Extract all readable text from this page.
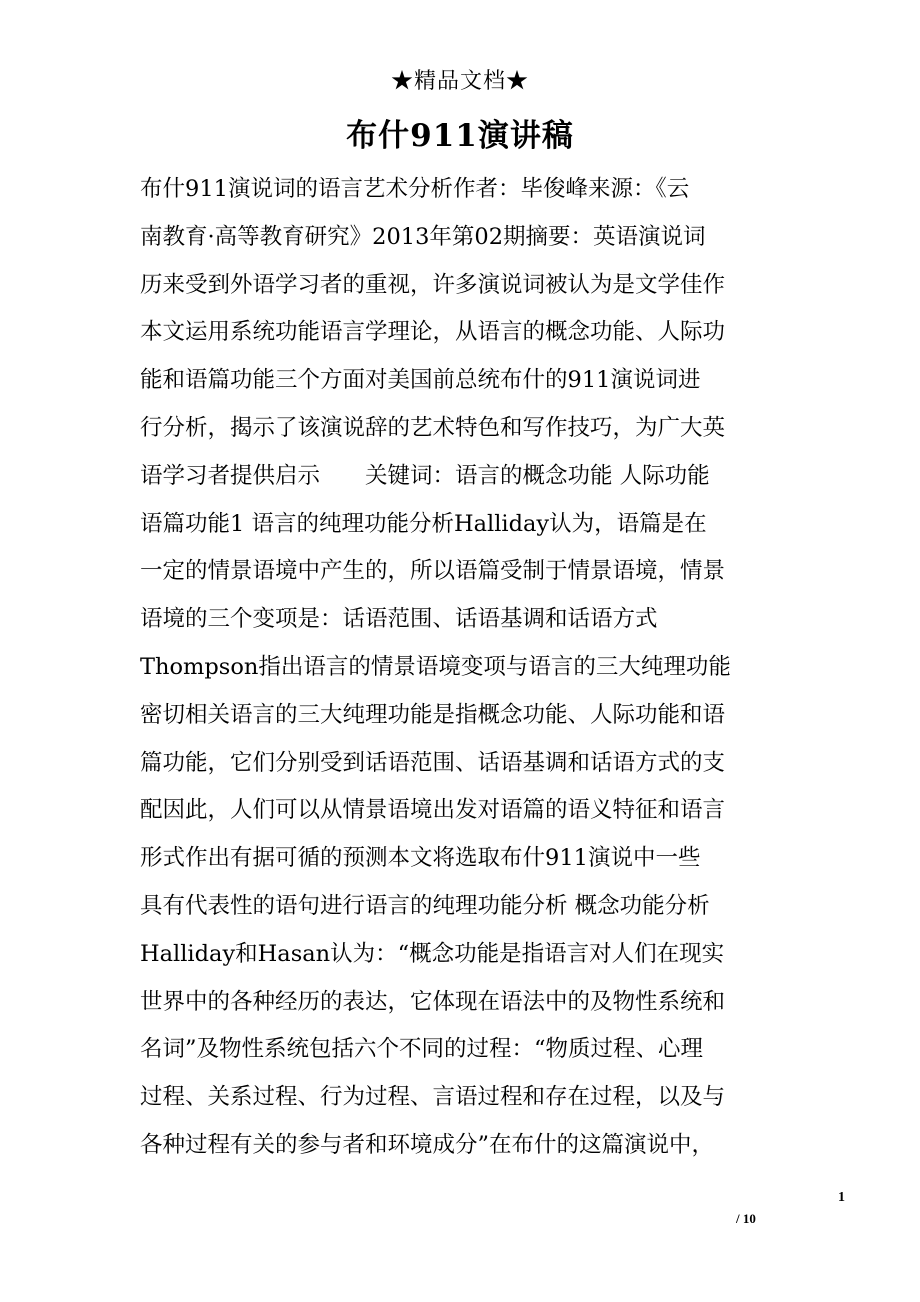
★精品文档★
布什911演讲稿
布什911演说词的语言艺术分析作者：毕俊峰来源：《云
南教育·高等教育研究》2013年第02期摘要：英语演说词
历来受到外语学习者的重视，许多演说词被认为是文学佳作
本文运用系统功能语言学理论，从语言的概念功能、人际功
能和语篇功能三个方面对美国前总统布什的911演说词进
行分析，揭示了该演说辞的艺术特色和写作技巧，为广大英
语学习者提供启示　　关键词：语言的概念功能 人际功能
语篇功能1 语言的纯理功能分析Halliday认为，语篇是在
一定的情景语境中产生的，所以语篇受制于情景语境，情景
语境的三个变项是：话语范围、话语基调和话语方式
Thompson指出语言的情景语境变项与语言的三大纯理功能
密切相关语言的三大纯理功能是指概念功能、人际功能和语
篇功能，它们分别受到话语范围、话语基调和话语方式的支
配因此，人们可以从情景语境出发对语篇的语义特征和语言
形式作出有据可循的预测本文将选取布什911演说中一些
具有代表性的语句进行语言的纯理功能分析 概念功能分析
Halliday和Hasan认为：“概念功能是指语言对人们在现实
世界中的各种经历的表达，它体现在语法中的及物性系统和
名词”及物性系统包括六个不同的过程：“物质过程、心理
过程、关系过程、行为过程、言语过程和存在过程，以及与
各种过程有关的参与者和环境成分”在布什的这篇演说中，
1
/ 10
